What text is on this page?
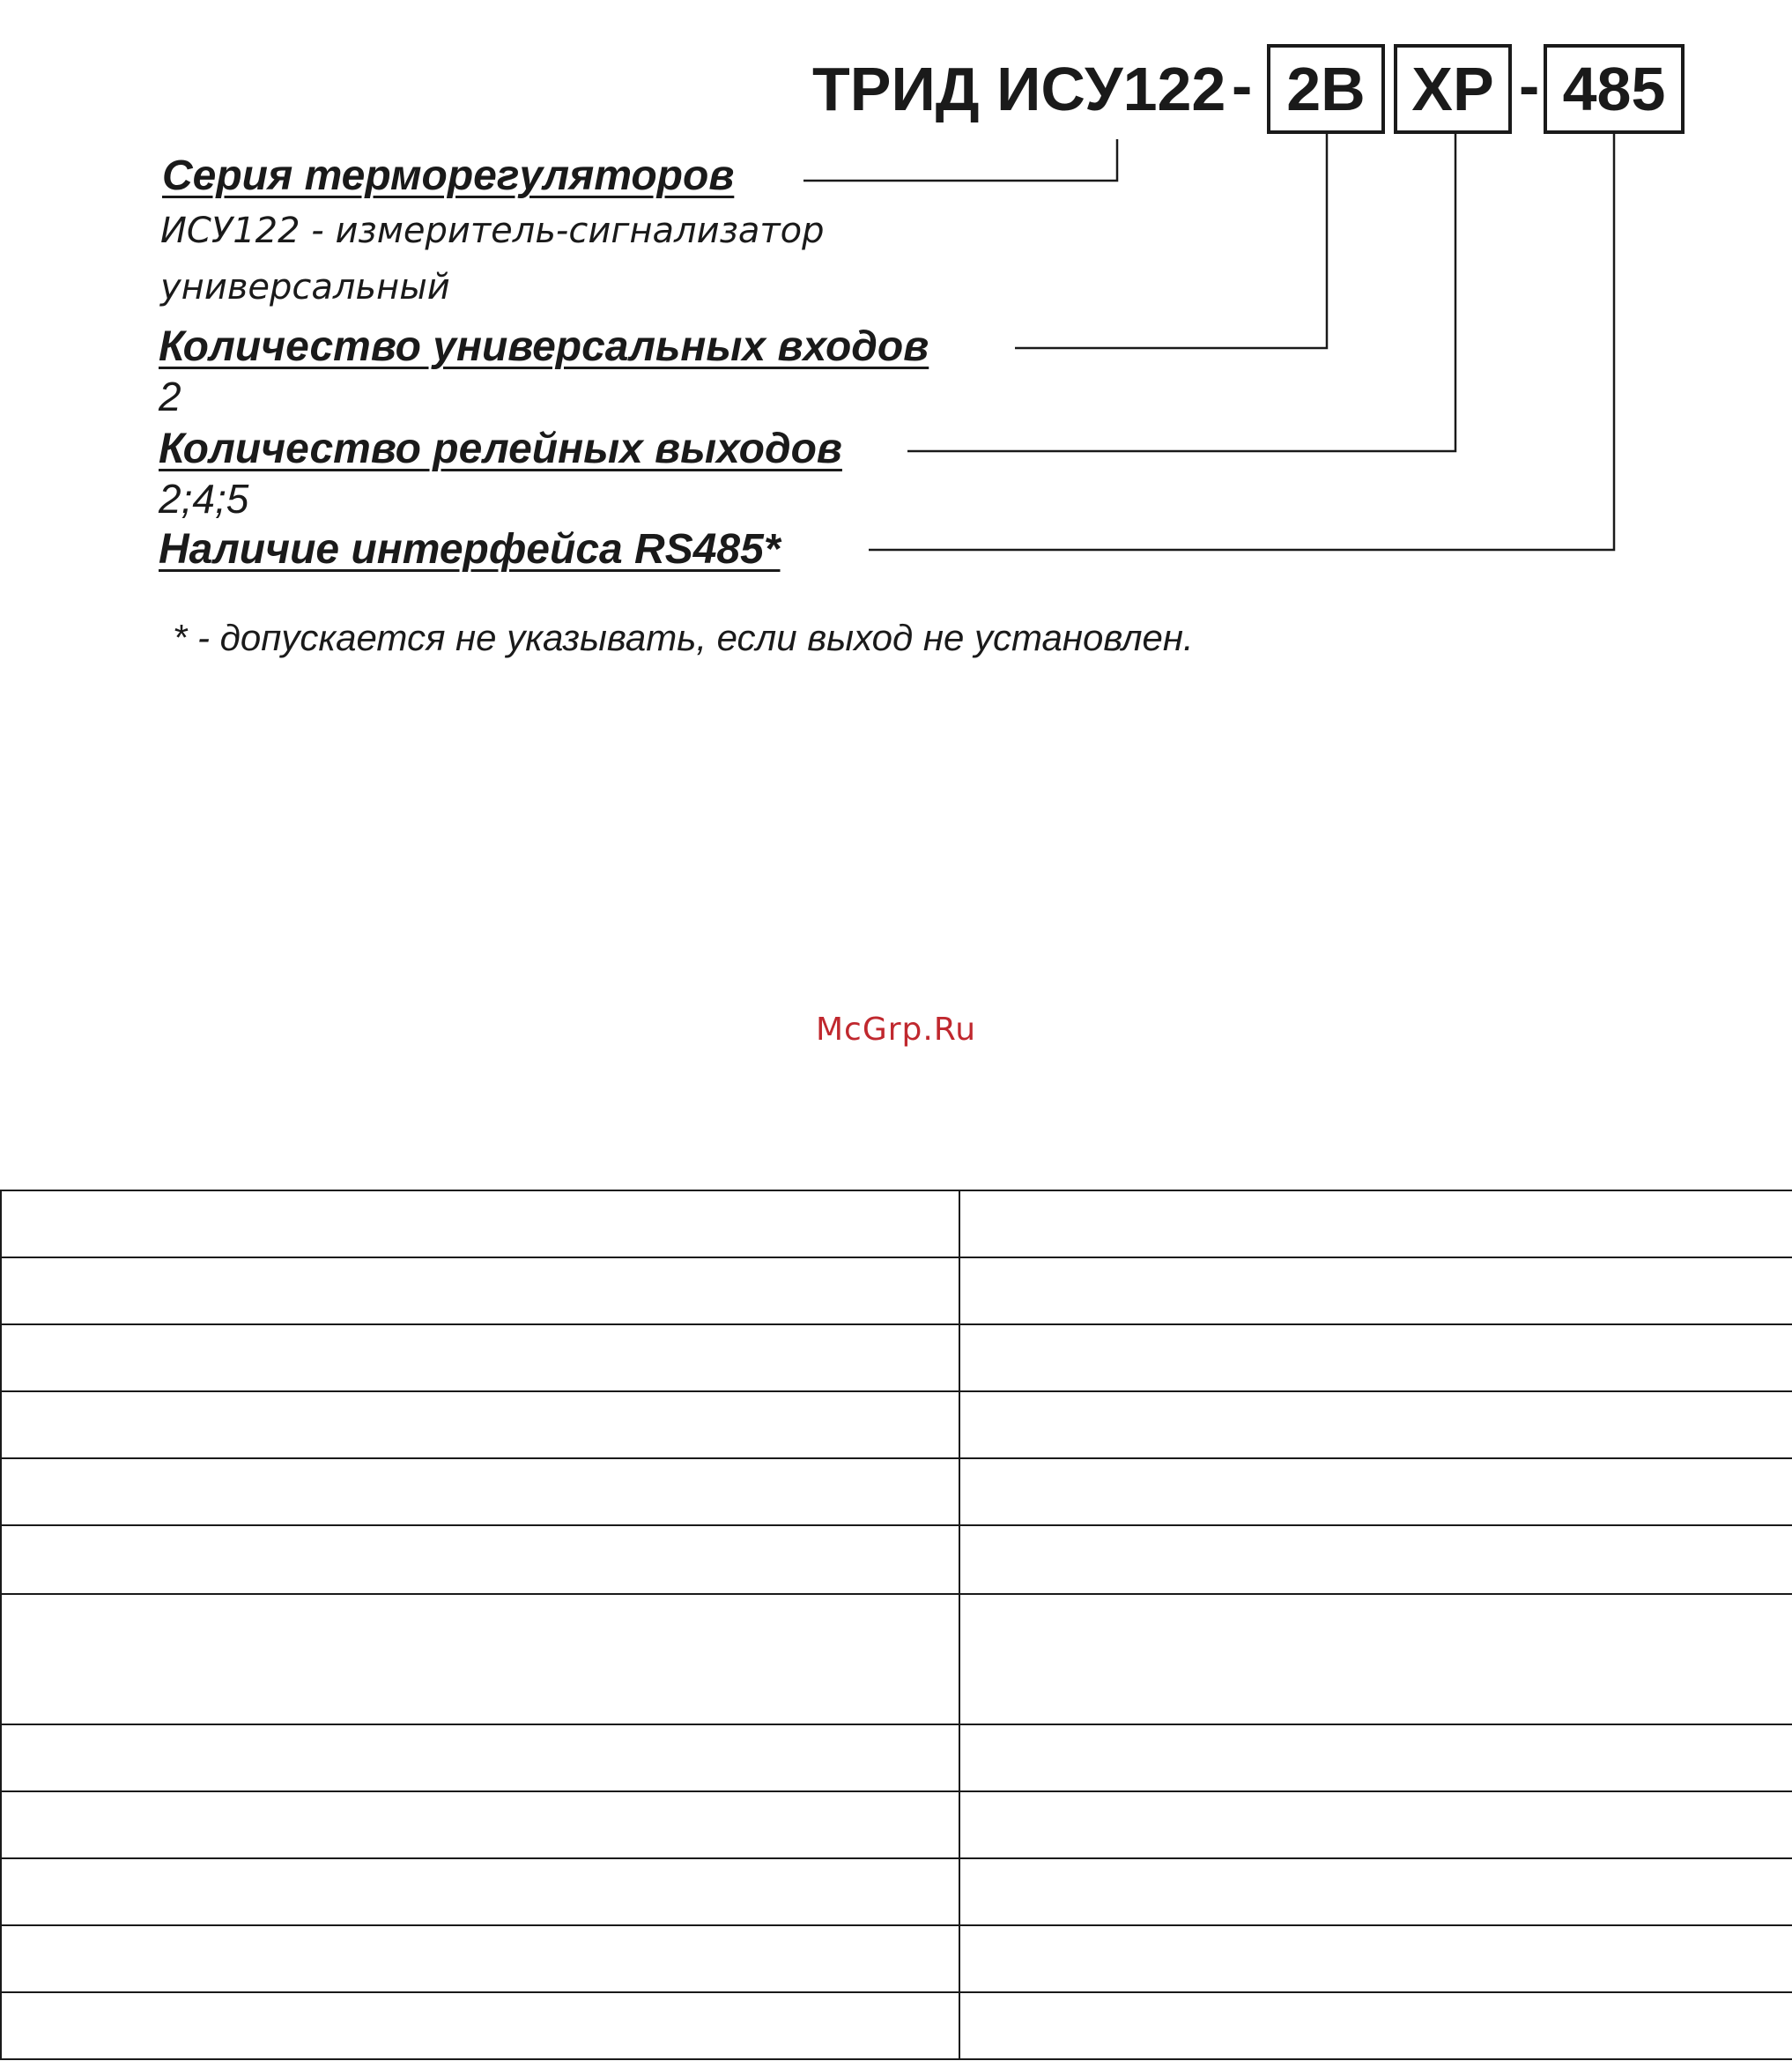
ТРИД ИСУ122 - 2В ХР - 485
Серия терморегуляторов
ИСУ122 - измеритель-сигнализатор
универсальный
Количество универсальных входов
2
Количество релейных выходов
2;4;5
Наличие интерфейса RS485*
* - допускается не указывать, если выход не установлен.
McGrp.Ru
